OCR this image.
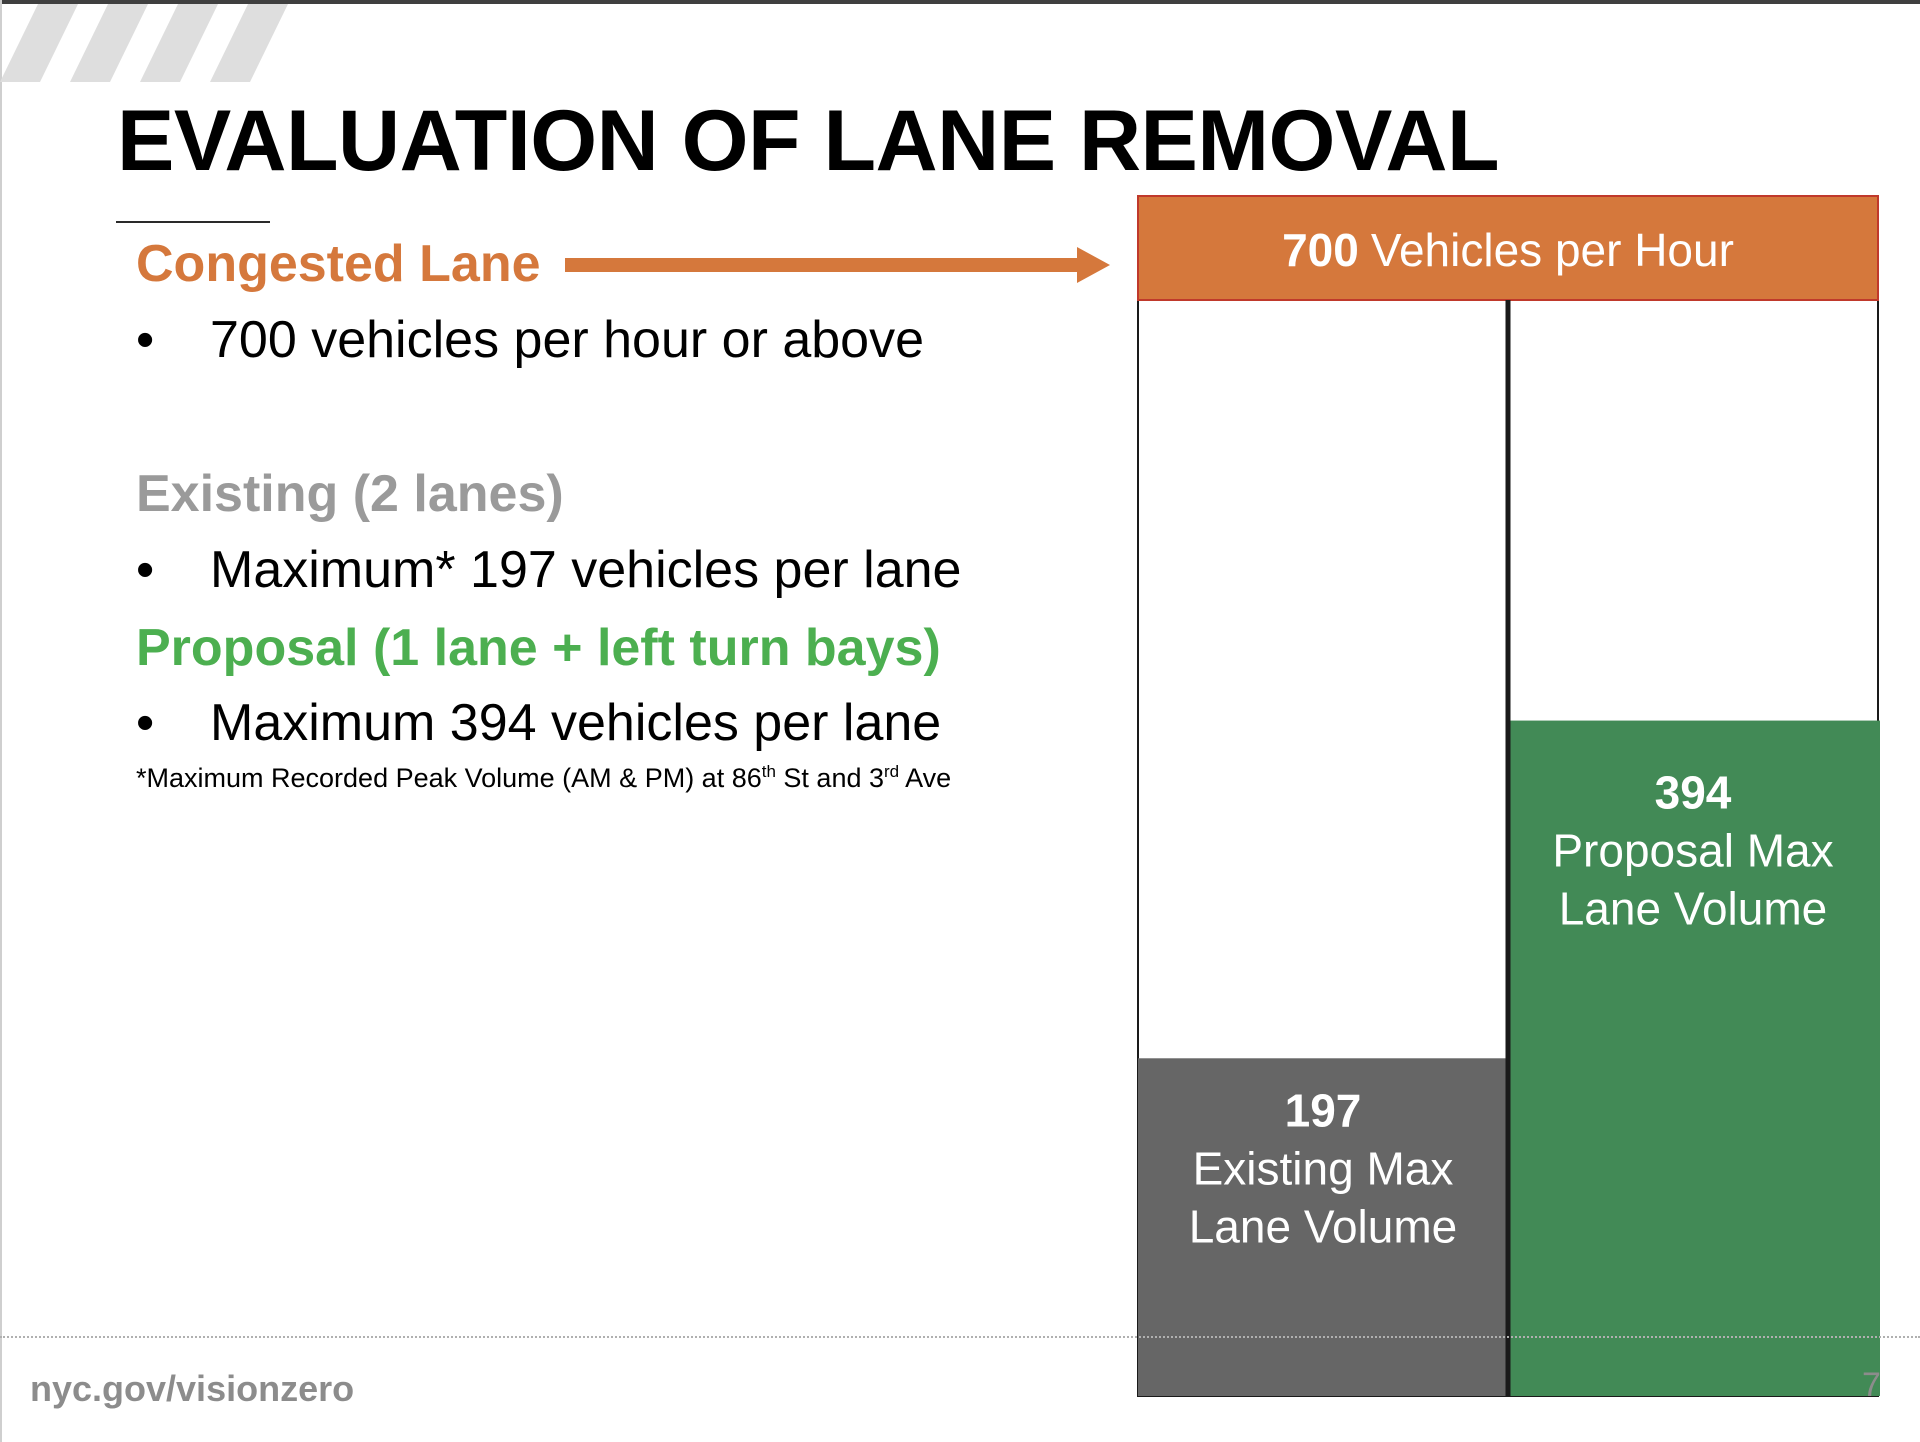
EVALUATION OF LANE REMOVAL
Congested Lane
• 700 vehicles per hour or above
Existing (2 lanes)
• Maximum* 197 vehicles per lane
Proposal (1 lane + left turn bays)
• Maximum 394 vehicles per lane
*Maximum Recorded Peak Volume (AM & PM) at 86th St and 3rd Ave
700 Vehicles per Hour
197
Existing Max
Lane Volume
394
Proposal Max
Lane Volume
nyc.gov/visionzero	7
